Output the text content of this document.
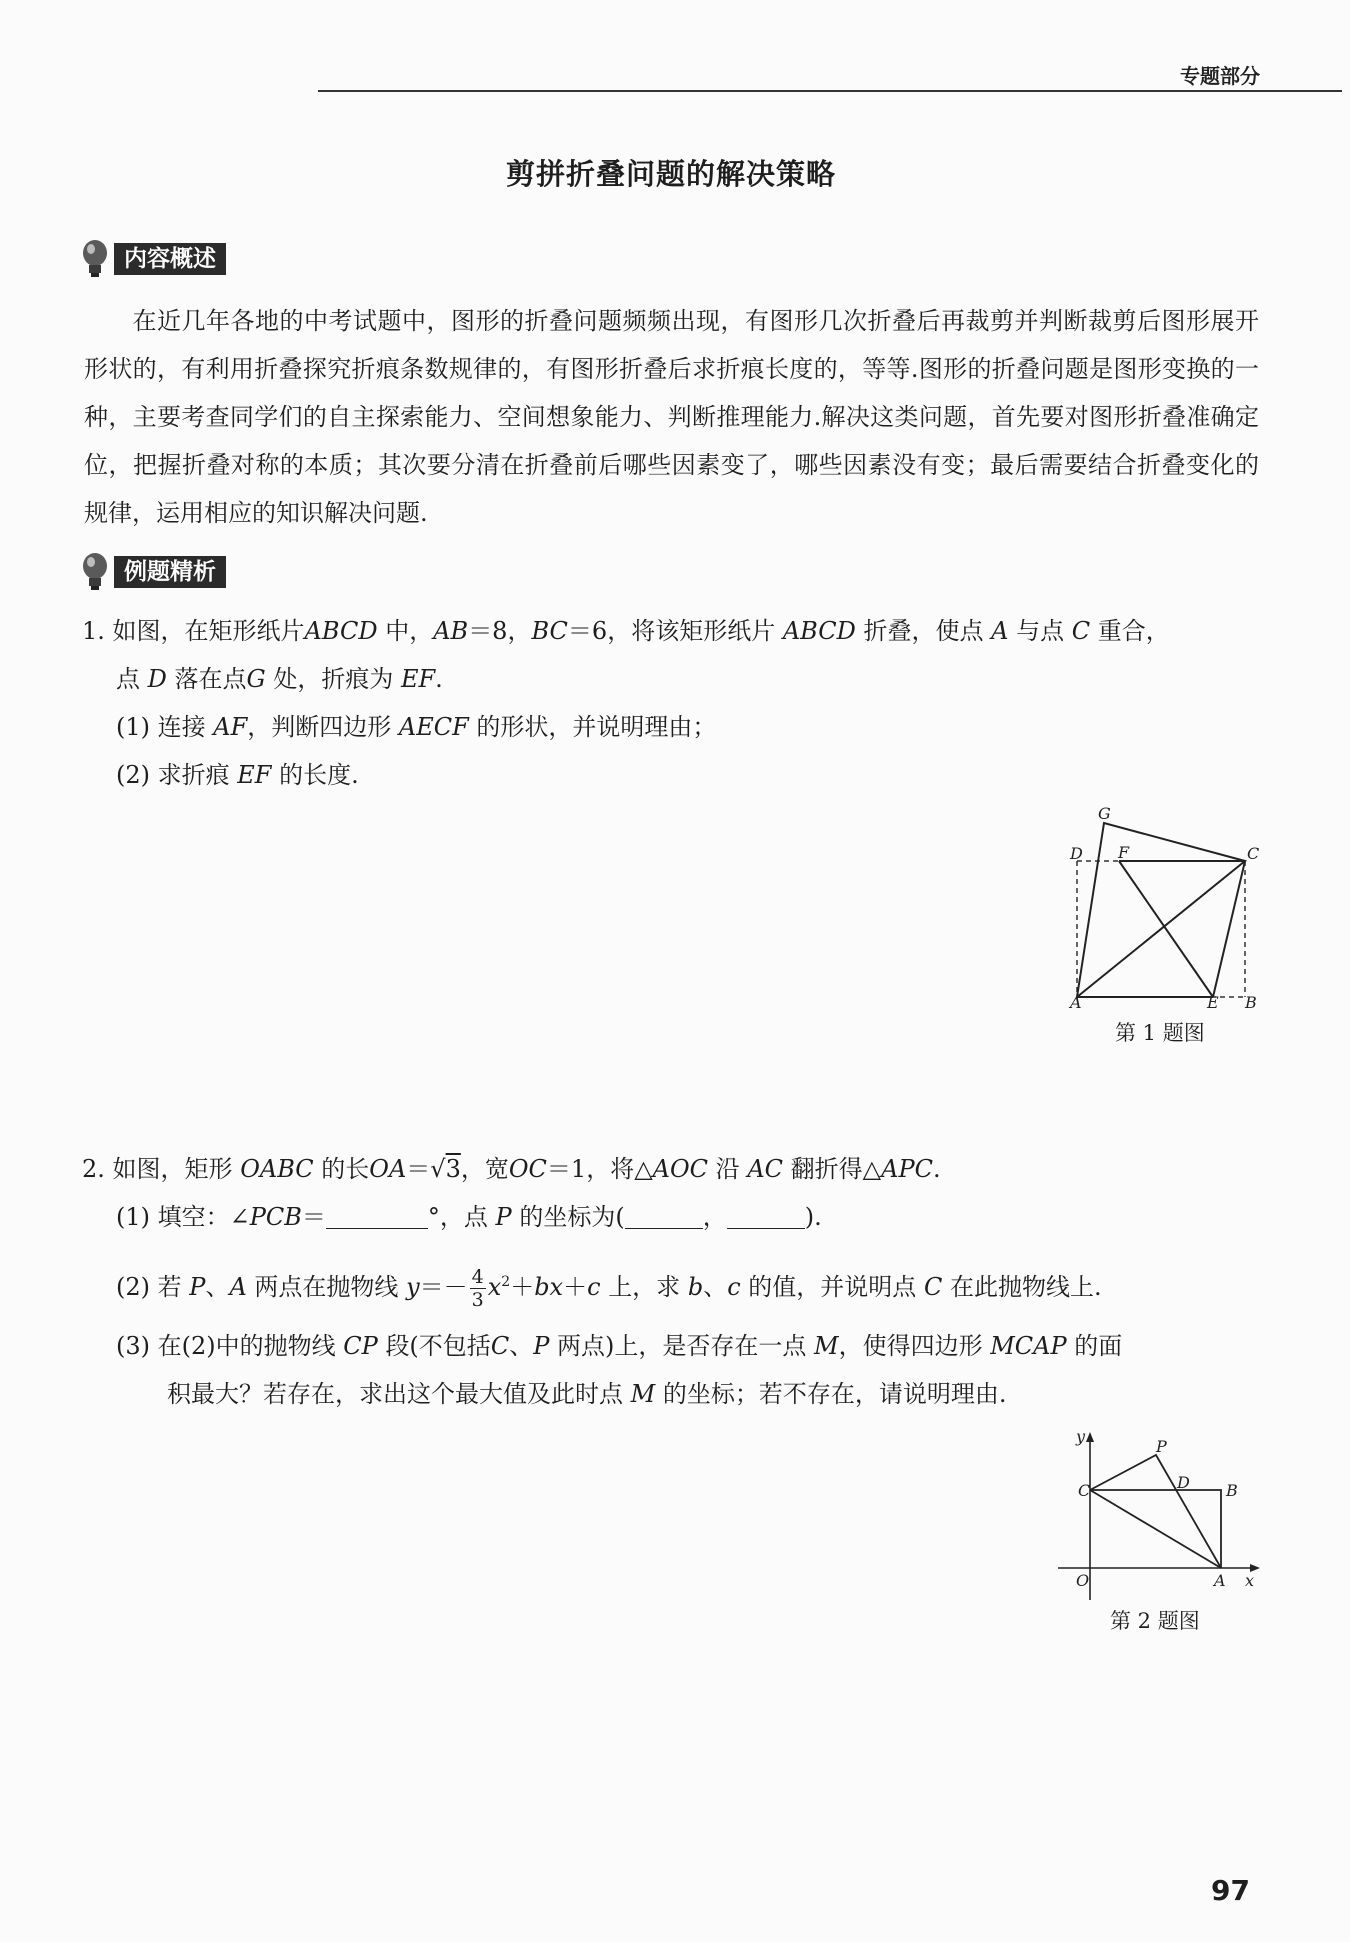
专题部分
剪拼折叠问题的解决策略
内容概述
在近几年各地的中考试题中，图形的折叠问题频频出现，有图形几次折叠后再裁剪并判断裁剪后图形展开形状的，有利用折叠探究折痕条数规律的，有图形折叠后求折痕长度的，等等.图形的折叠问题是图形变换的一种，主要考查同学们的自主探索能力、空间想象能力、判断推理能力.解决这类问题，首先要对图形折叠准确定位，把握折叠对称的本质；其次要分清在折叠前后哪些因素变了，哪些因素没有变；最后需要结合折叠变化的规律，运用相应的知识解决问题.
例题精析
1. 如图，在矩形纸片ABCD 中，AB＝8，BC＝6，将该矩形纸片 ABCD 折叠，使点 A 与点 C 重合，
点 D 落在点G 处，折痕为 EF.
(1) 连接 AF，判断四边形 AECF 的形状，并说明理由；
(2) 求折痕 EF 的长度.
G
D F	C
A	E B
第 1 题图
2. 如图，矩形 OABC 的长OA＝√3，宽OC＝1，将△AOC 沿 AC 翻折得△APC.
(1) 填空：∠PCB＝	°，点 P 的坐标为(	，	).
(2) 若 P、A 两点在抛物线 $y=- \frac{4}{3} x^2+bx+c$ 上，求 b、c 的值，并说明点 C 在此抛物线上.
(3) 在(2)中的抛物线 CP 段(不包括C、P 两点)上，是否存在一点 M，使得四边形 MCAP 的面
积最大？若存在，求出这个最大值及此时点 M 的坐标；若不存在，请说明理由.
y
C
P
D B
O	A x
第 2 题图
97
